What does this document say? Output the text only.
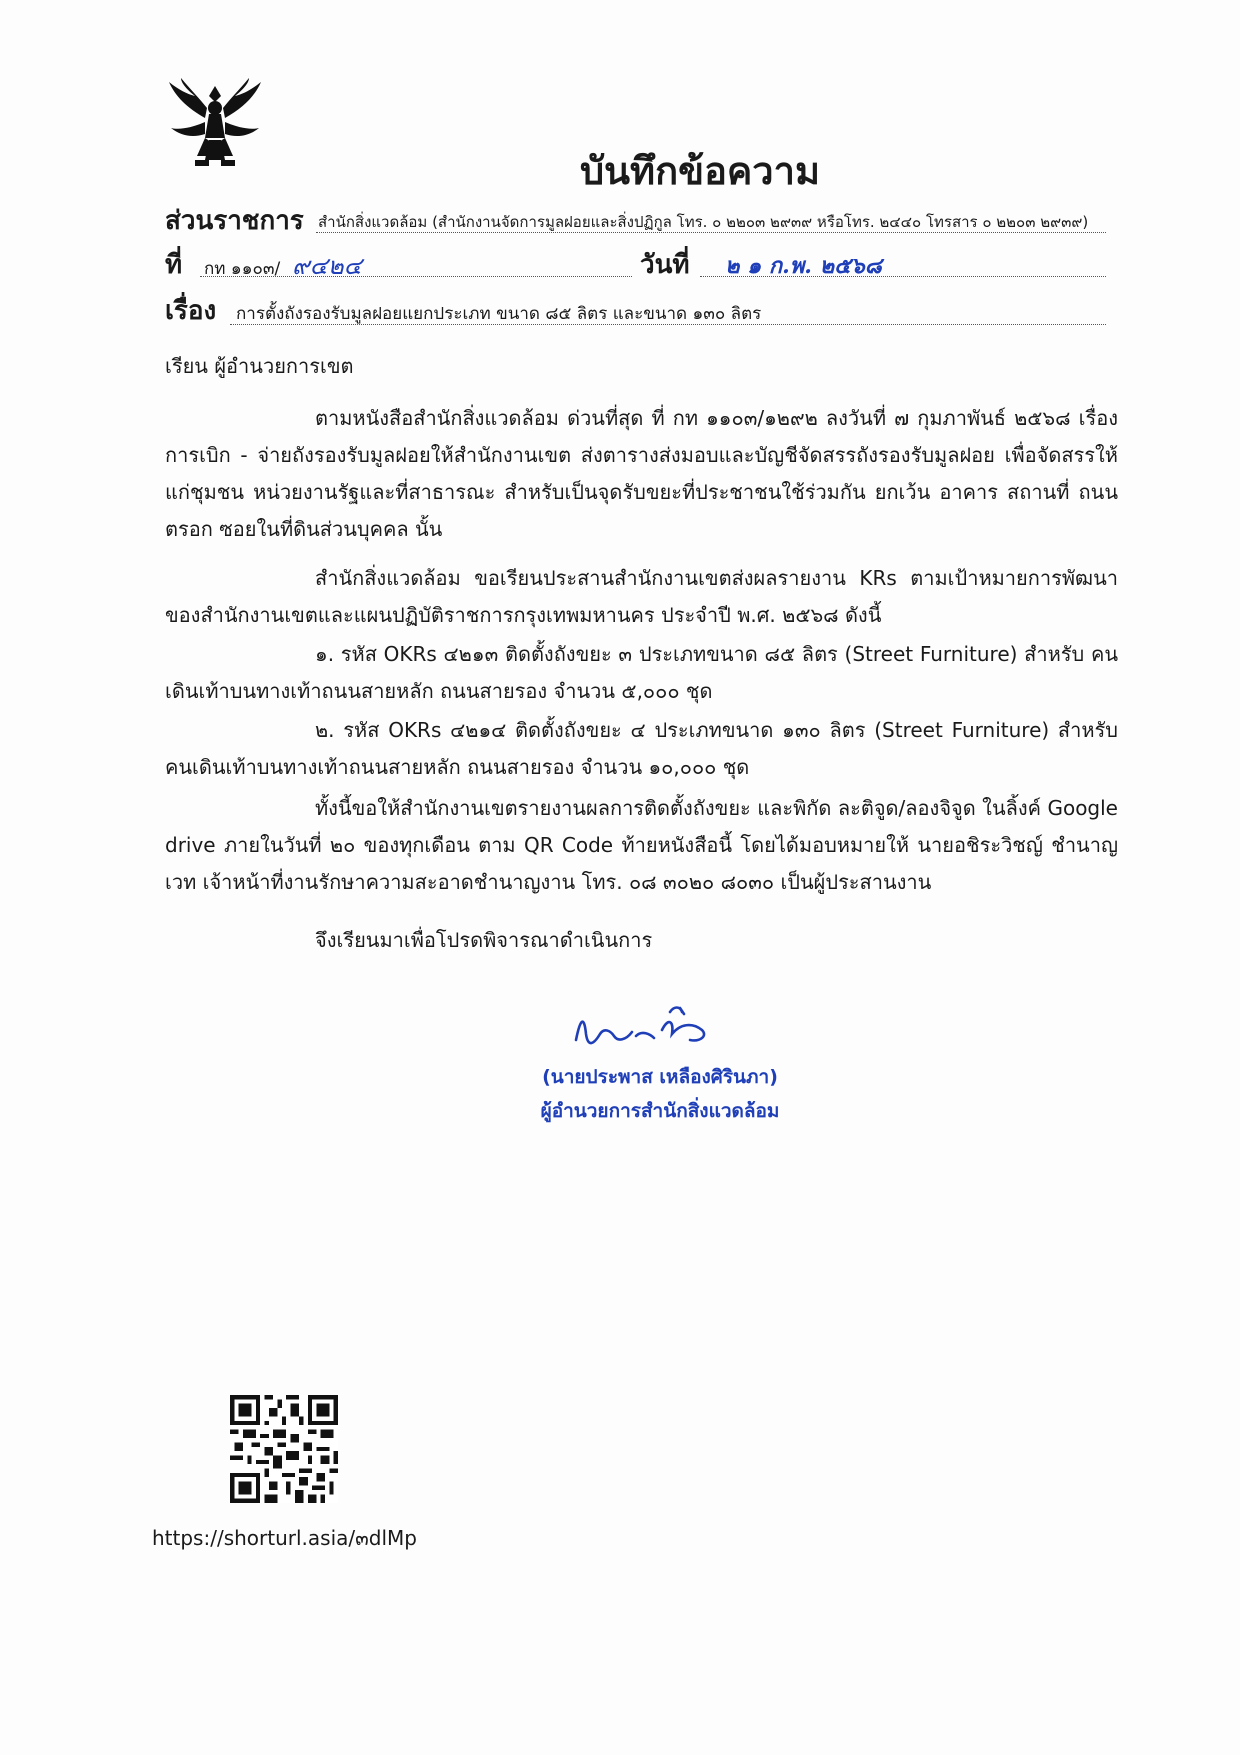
บันทึกข้อความ
ส่วนราชการ สำนักสิ่งแวดล้อม (สำนักงานจัดการมูลฝอยและสิ่งปฏิกูล โทร. ๐ ๒๒๐๓ ๒๙๓๙ หรือโทร. ๒๔๔๐ โทรสาร ๐ ๒๒๐๓ ๒๙๓๙)
ที่ กท ๑๑๐๓/ ๙๔๒๔	วันที่ ๒ ๑ ก.พ. ๒๕๖๘
เรื่อง การตั้งถังรองรับมูลฝอยแยกประเภท ขนาด ๘๕ ลิตร และขนาด ๑๓๐ ลิตร
เรียน ผู้อำนวยการเขต
ตามหนังสือสำนักสิ่งแวดล้อม ด่วนที่สุด ที่ กท ๑๑๐๓/๑๒๙๒ ลงวันที่ ๗ กุมภาพันธ์ ๒๕๖๘ เรื่อง การเบิก - จ่ายถังรองรับมูลฝอยให้สำนักงานเขต ส่งตารางส่งมอบและบัญชีจัดสรรถังรองรับมูลฝอย เพื่อจัดสรรให้แก่ชุมชน หน่วยงานรัฐและที่สาธารณะ สำหรับเป็นจุดรับขยะที่ประชาชนใช้ร่วมกัน ยกเว้น อาคาร สถานที่ ถนน ตรอก ซอยในที่ดินส่วนบุคคล นั้น
สำนักสิ่งแวดล้อม ขอเรียนประสานสำนักงานเขตส่งผลรายงาน KRs ตามเป้าหมายการพัฒนา ของสำนักงานเขตและแผนปฏิบัติราชการกรุงเทพมหานคร ประจำปี พ.ศ. ๒๕๖๘ ดังนี้
๑. รหัส OKRs ๔๒๑๓ ติดตั้งถังขยะ ๓ ประเภทขนาด ๘๕ ลิตร (Street Furniture) สำหรับ คนเดินเท้าบนทางเท้าถนนสายหลัก ถนนสายรอง จำนวน ๕,๐๐๐ ชุด
๒. รหัส OKRs ๔๒๑๔ ติดตั้งถังขยะ ๔ ประเภทขนาด ๑๓๐ ลิตร (Street Furniture) สำหรับคนเดินเท้าบนทางเท้าถนนสายหลัก ถนนสายรอง จำนวน ๑๐,๐๐๐ ชุด
ทั้งนี้ขอให้สำนักงานเขตรายงานผลการติดตั้งถังขยะ และพิกัด ละติจูด/ลองจิจูด ในลิ้งค์ Google drive ภายในวันที่ ๒๐ ของทุกเดือน ตาม QR Code ท้ายหนังสือนี้ โดยได้มอบหมายให้ นายอชิระวิชญ์ ชำนาญเวท เจ้าหน้าที่งานรักษาความสะอาดชำนาญงาน โทร. ๐๘ ๓๐๒๐ ๘๐๓๐ เป็นผู้ประสานงาน
จึงเรียนมาเพื่อโปรดพิจารณาดำเนินการ
(นายประพาส เหลืองศิรินภา)
ผู้อำนวยการสำนักสิ่งแวดล้อม
https://shorturl.asia/๓dlMp
